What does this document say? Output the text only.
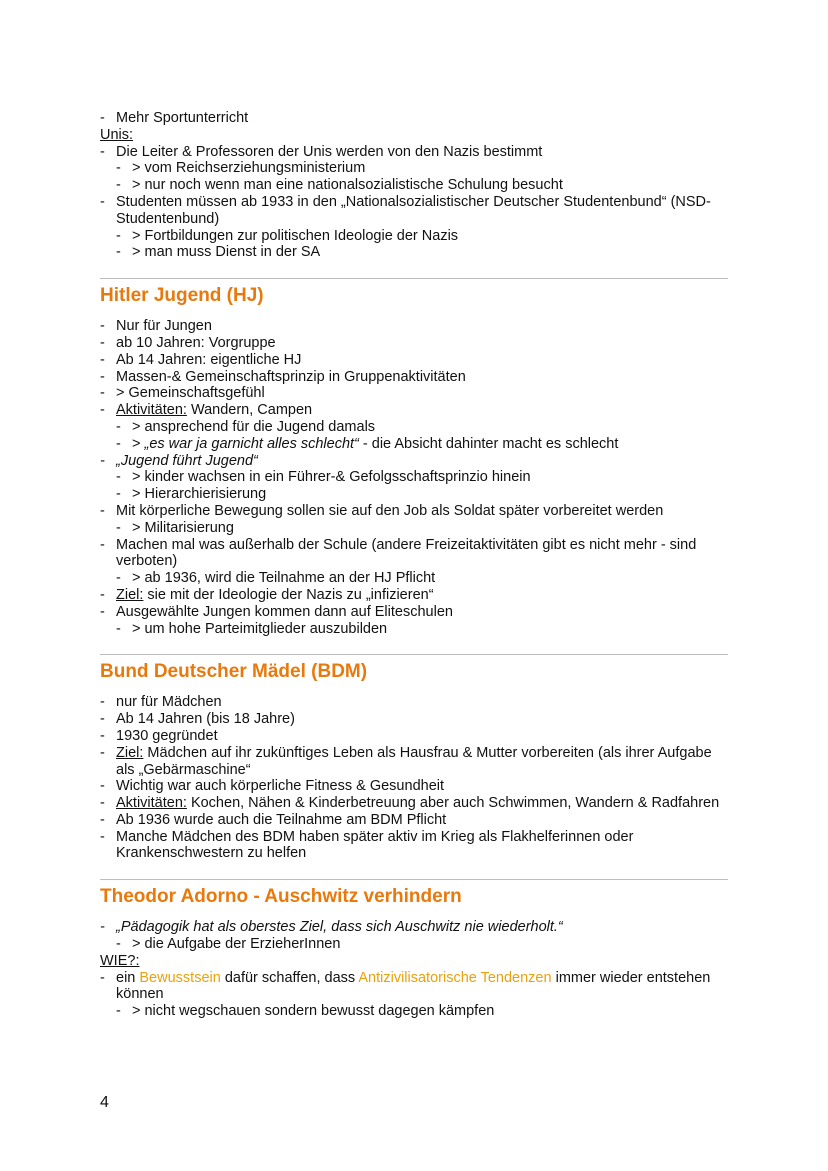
- Mehr Sportunterricht
Unis:
- Die Leiter & Professoren der Unis werden von den Nazis bestimmt
- > vom Reichserziehungsministerium
- > nur noch wenn man eine nationalsozialistische Schulung besucht
- Studenten müssen ab 1933 in den „Nationalsozialistischer Deutscher Studentenbund“ (NSD-Studentenbund)
- > Fortbildungen zur politischen Ideologie der Nazis
- > man muss Dienst in der SA
Hitler Jugend (HJ)
- Nur für Jungen
- ab 10 Jahren: Vorgruppe
- Ab 14 Jahren: eigentliche HJ
- Massen-& Gemeinschaftsprinzip in Gruppenaktivitäten
- > Gemeinschaftsgefühl
- Aktivitäten: Wandern, Campen
- > ansprechend für die Jugend damals
- > „es war ja garnicht alles schlecht“ - die Absicht dahinter macht es schlecht
- „Jugend führt Jugend“
- > kinder wachsen in ein Führer-& Gefolgsschaftsprinzio hinein
- > Hierarchierisierung
- Mit körperliche Bewegung sollen sie auf den Job als Soldat später vorbereitet werden
- > Militarisierung
- Machen mal was außerhalb der Schule (andere Freizeitaktivitäten gibt es nicht mehr - sind verboten)
- > ab 1936, wird die Teilnahme an der HJ Pflicht
- Ziel: sie mit der Ideologie der Nazis zu „infizieren“
- Ausgewählte Jungen kommen dann auf Eliteschulen
- > um hohe Parteimitglieder auszubilden
Bund Deutscher Mädel (BDM)
- nur für Mädchen
- Ab 14 Jahren (bis 18 Jahre)
- 1930 gegründet
- Ziel: Mädchen auf ihr zukünftiges Leben als Hausfrau & Mutter vorbereiten (als ihrer Aufgabe als „Gebärmaschine“
- Wichtig war auch körperliche Fitness & Gesundheit
- Aktivitäten: Kochen, Nähen & Kinderbetreuung aber auch Schwimmen, Wandern & Radfahren
- Ab 1936 wurde auch die Teilnahme am BDM Pflicht
- Manche Mädchen des BDM haben später aktiv im Krieg als Flakhelferinnen oder Krankenschwestern zu helfen
Theodor Adorno - Auschwitz verhindern
- „Pädagogik hat als oberstes Ziel, dass sich Auschwitz nie wiederholt.“
- > die Aufgabe der ErzieherInnen
WIE?:
- ein Bewusstsein dafür schaffen, dass Antizivilisatorische Tendenzen immer wieder entstehen können
- > nicht wegschauen sondern bewusst dagegen kämpfen
4
